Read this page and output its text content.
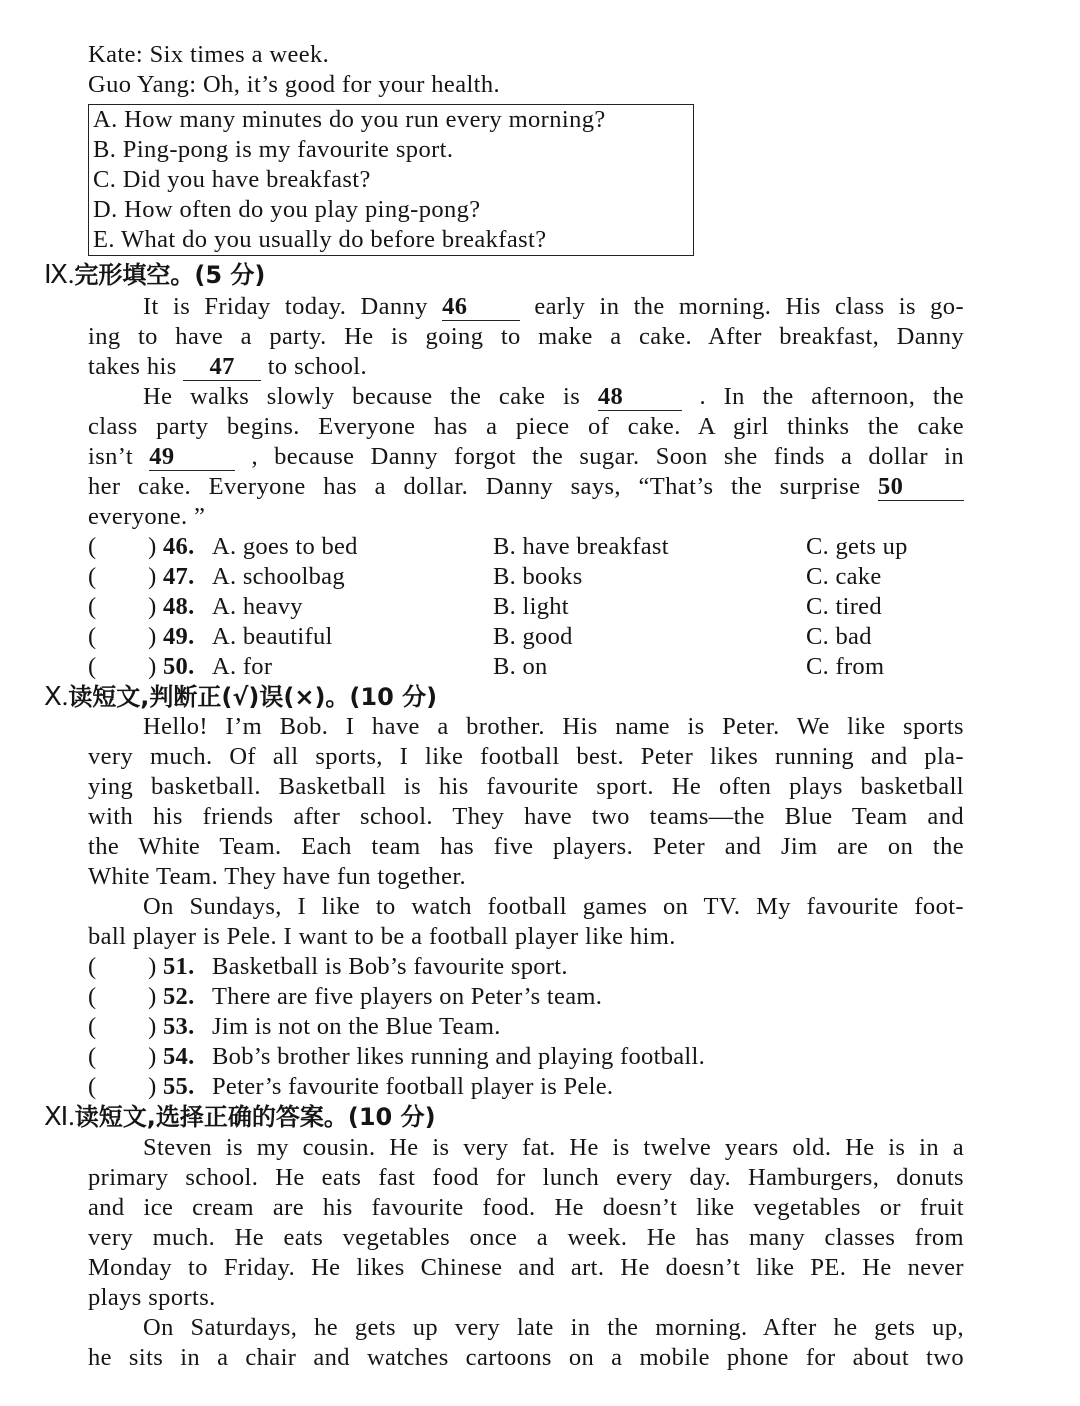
Kate: Six times a week.
Guo Yang: Oh, it’s good for your health.
A. How many minutes do you run every morning?
B. Ping-pong is my favourite sport.
C. Did you have breakfast?
D. How often do you play ping-pong?
E. What do you usually do before breakfast?
Ⅸ.完形填空。(5 分)
It is Friday today. Danny 46	early in the morning. His class is go-
ing to have a party. He is going to make a cake. After breakfast, Danny
takes his 47 to school.
He walks slowly because the cake is 48	. In the afternoon, the
class party begins. Everyone has a piece of cake. A girl thinks the cake
isn’t 49	, because Danny forgot the sugar. Soon she finds a dollar in
her cake. Everyone has a dollar. Danny says, “That’s the surprise 50
everyone. ”
( ) 46. A. goes to bed	B. have breakfast	C. gets up
( ) 47. A. schoolbag	B. books	C. cake
( ) 48. A. heavy	B. light	C. tired
( ) 49. A. beautiful	B. good	C. bad
( ) 50. A. for	B. on	C. from
Ⅹ.读短文,判断正(√)误(×)。(10 分)
Hello! I’m Bob. I have a brother. His name is Peter. We like sports
very much. Of all sports, I like football best. Peter likes running and pla-
ying basketball. Basketball is his favourite sport. He often plays basketball
with his friends after school. They have two teams—the Blue Team and
the White Team. Each team has five players. Peter and Jim are on the
White Team. They have fun together.
On Sundays, I like to watch football games on TV. My favourite foot-
ball player is Pele. I want to be a football player like him.
( ) 51. Basketball is Bob’s favourite sport.
( ) 52. There are five players on Peter’s team.
( ) 53. Jim is not on the Blue Team.
( ) 54. Bob’s brother likes running and playing football.
( ) 55. Peter’s favourite football player is Pele.
Ⅺ.读短文,选择正确的答案。(10 分)
Steven is my cousin. He is very fat. He is twelve years old. He is in a
primary school. He eats fast food for lunch every day. Hamburgers, donuts
and ice cream are his favourite food. He doesn’t like vegetables or fruit
very much. He eats vegetables once a week. He has many classes from
Monday to Friday. He likes Chinese and art. He doesn’t like PE. He never
plays sports.
On Saturdays, he gets up very late in the morning. After he gets up,
he sits in a chair and watches cartoons on a mobile phone for about two
